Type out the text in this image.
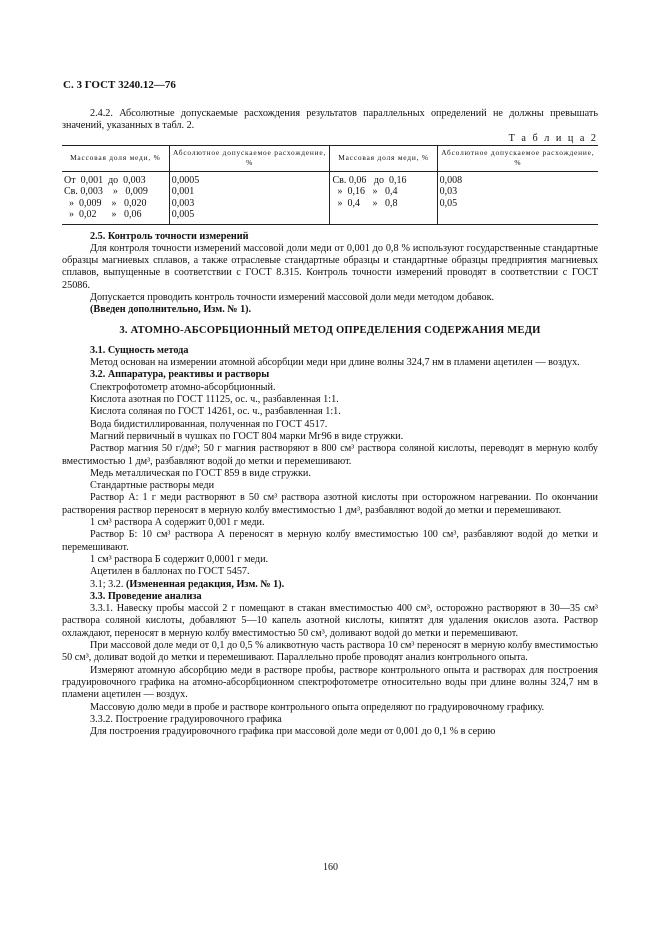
С. 3 ГОСТ 3240.12—76

2.4.2. Абсолютные допускаемые расхождения результатов параллельных определений не должны превышать значений, указанных в табл. 2.

Т а б л и ц а 2

Массовая доля меди, %	Абсолютное допускаемое расхождение, %	Массовая доля меди, %	Абсолютное допускаемое расхождение, %
От  0,001  до  0,003	0,0005	Св. 0,06   до  0,16	0,008
Св. 0,003    »   0,009	0,001	»  0,16   »   0,4	0,03
»  0,009    »   0,020	0,003	»  0,4     »   0,8	0,05
»  0,02      »   0,06	0,005		

2.5. Контроль точности измерений

Для контроля точности измерений массовой доли меди от 0,001 до 0,8 % используют государственные стандартные образцы магниевых сплавов, а также отраслевые стандартные образцы и стандартные образцы предприятия магниевых сплавов, выпущенные в соответствии с ГОСТ 8.315. Контроль точности измерений проводят в соответствии с ГОСТ 25086.

Допускается проводить контроль точности измерений массовой доли меди методом добавок.

(Введен дополнительно, Изм. № 1).

3. АТОМНО-АБСОРБЦИОННЫЙ МЕТОД ОПРЕДЕЛЕНИЯ СОДЕРЖАНИЯ МЕДИ

3.1. Сущность метода

Метод основан на измерении атомной абсорбции меди нри длине волны 324,7 нм в пламени ацетилен — воздух.

3.2. Аппаратура, реактивы и растворы

Спектрофотометр атомно-абсорбционный.

Кислота азотная по ГОСТ 11125, ос. ч., разбавленная 1:1.

Кислота соляная по ГОСТ 14261, ос. ч., разбавленная 1:1.

Вода бидистиллированная, полученная по ГОСТ 4517.

Магний первичный в чушках по ГОСТ 804 марки Мг96 в виде стружки.

Раствор магния 50 г/дм³; 50 г магния растворяют в 800 см³ раствора соляной кислоты, переводят в мерную колбу вместимостью 1 дм³, разбавляют водой до метки и перемешивают.

Медь металлическая по ГОСТ 859 в виде стружки.

Стандартные растворы меди

Раствор А: 1 г меди растворяют в 50 см³ раствора азотной кислоты при осторожном нагревании. По окончании растворения раствор переносят в мерную колбу вместимостью 1 дм³, разбавляют водой до метки и перемешивают.

1 см³ раствора А содержит 0,001 г меди.

Раствор Б: 10 см³ раствора А переносят в мерную колбу вместимостью 100 см³, разбавляют водой до метки и перемешивают.

1 см³ раствора Б содержит 0,0001 г меди.

Ацетилен в баллонах по ГОСТ 5457.

3.1; 3.2. (Измененная редакция, Изм. № 1).

3.3. Проведение анализа

3.3.1. Навеску пробы массой 2 г помещают в стакан вместимостью 400 см³, осторожно растворяют в 30—35 см³ раствора соляной кислоты, добавляют 5—10 капель азотной кислоты, кипятят для удаления окислов азота. Раствор охлаждают, переносят в мерную колбу вместимостью 50 см³, доливают водой до метки и перемешивают.

При массовой доле меди от 0,1 до 0,5 % аликвотную часть раствора 10 см³ переносят в мерную колбу вместимостью 50 см³, доливат водой до метки и перемешивают. Параллельно пробе проводят анализ контрольного опыта.

Измеряют атомную абсорбцию меди в растворе пробы, растворе контрольного опыта и растворах для построения градуировочного графика на атомно-абсорбционном спектрофотометре относительно воды при длине волны 324,7 нм в пламени ацетилен — воздух.

Массовую долю меди в пробе и растворе контрольного опыта определяют по градуировочному графику.

3.3.2. Построение градуировочного графика

Для построения градуировочного графика при массовой доле меди от 0,001 до 0,1 % в серию

160
